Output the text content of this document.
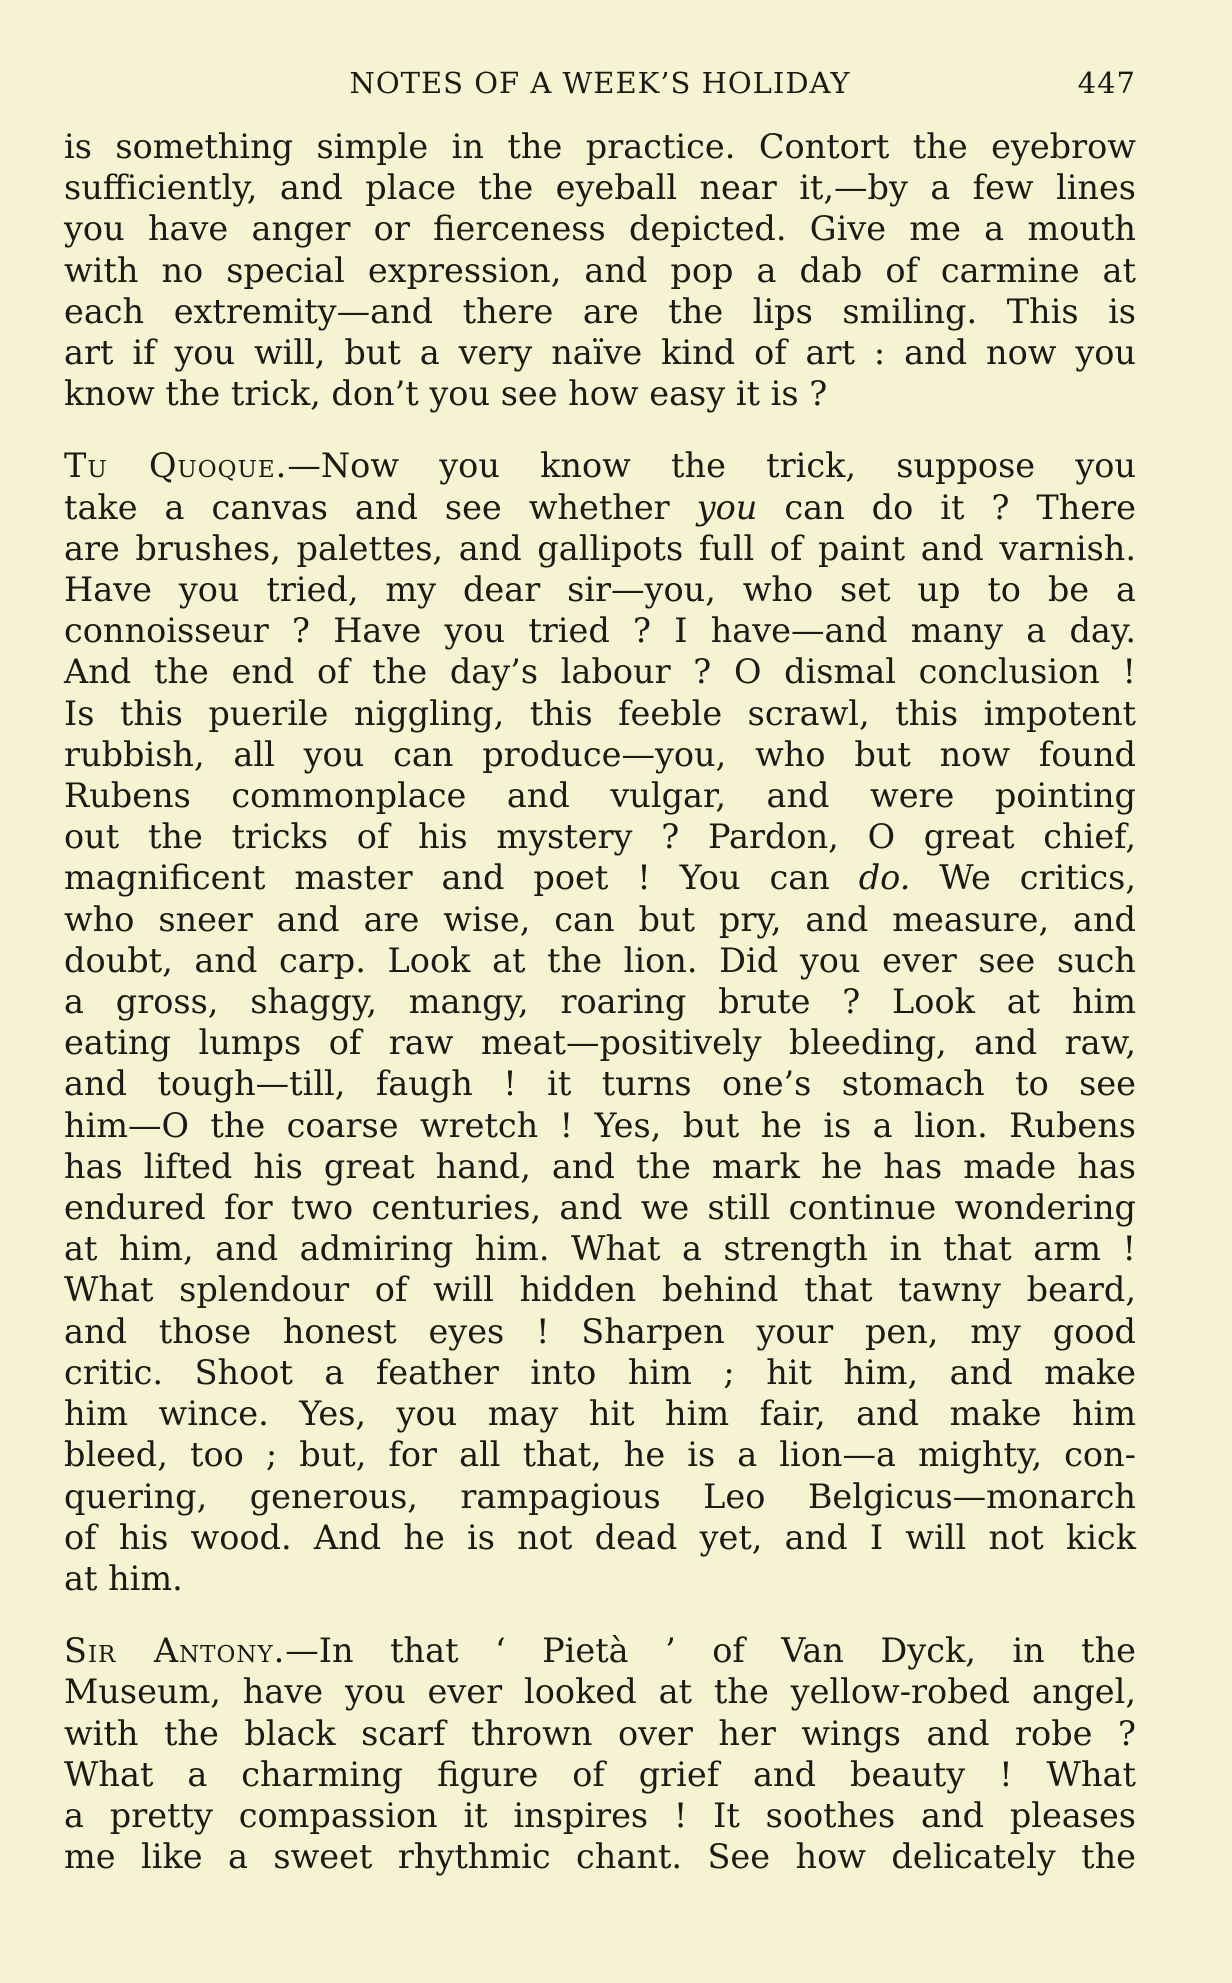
NOTES OF A WEEK’S HOLIDAY	447
is something simple in the practice. Contort the eyebrow
sufficiently, and place the eyeball near it,—by a few lines
you have anger or fierceness depicted. Give me a mouth
with no special expression, and pop a dab of carmine at
each extremity—and there are the lips smiling. This is
art if you will, but a very naïve kind of art : and now you
know the trick, don’t you see how easy it is ?
Tu Quoque.—Now you know the trick, suppose you
take a canvas and see whether you can do it ? There
are brushes, palettes, and gallipots full of paint and varnish.
Have you tried, my dear sir—you, who set up to be a
connoisseur ? Have you tried ? I have—and many a day.
And the end of the day’s labour ? O dismal conclusion !
Is this puerile niggling, this feeble scrawl, this impotent
rubbish, all you can produce—you, who but now found
Rubens commonplace and vulgar, and were pointing
out the tricks of his mystery ? Pardon, O great chief,
magnificent master and poet ! You can do. We critics,
who sneer and are wise, can but pry, and measure, and
doubt, and carp. Look at the lion. Did you ever see such
a gross, shaggy, mangy, roaring brute ? Look at him
eating lumps of raw meat—positively bleeding, and raw,
and tough—till, faugh ! it turns one’s stomach to see
him—O the coarse wretch ! Yes, but he is a lion. Rubens
has lifted his great hand, and the mark he has made has
endured for two centuries, and we still continue wondering
at him, and admiring him. What a strength in that arm !
What splendour of will hidden behind that tawny beard,
and those honest eyes ! Sharpen your pen, my good
critic. Shoot a feather into him ; hit him, and make
him wince. Yes, you may hit him fair, and make him
bleed, too ; but, for all that, he is a lion—a mighty, con-
quering, generous, rampagious Leo Belgicus—monarch
of his wood. And he is not dead yet, and I will not kick
at him.
Sir Antony.—In that ‘ Pietà ’ of Van Dyck, in the
Museum, have you ever looked at the yellow-robed angel,
with the black scarf thrown over her wings and robe ?
What a charming figure of grief and beauty ! What
a pretty compassion it inspires ! It soothes and pleases
me like a sweet rhythmic chant. See how delicately the
